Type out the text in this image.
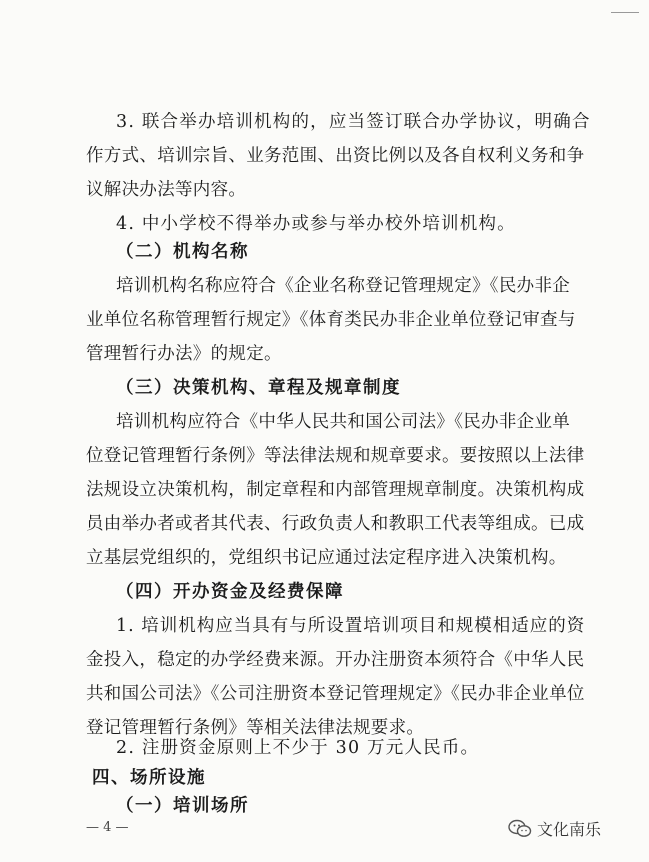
3. 联合举办培训机构的，应当签订联合办学协议，明确合

作方式、培训宗旨、业务范围、出资比例以及各自权利义务和争

议解决办法等内容。

4. 中小学校不得举办或参与举办校外培训机构。

（二）机构名称

培训机构名称应符合《企业名称登记管理规定》《民办非企

业单位名称管理暂行规定》《体育类民办非企业单位登记审查与

管理暂行办法》的规定。

（三）决策机构、章程及规章制度

培训机构应符合《中华人民共和国公司法》《民办非企业单

位登记管理暂行条例》等法律法规和规章要求。要按照以上法律

法规设立决策机构，制定章程和内部管理规章制度。决策机构成

员由举办者或者其代表、行政负责人和教职工代表等组成。已成

立基层党组织的，党组织书记应通过法定程序进入决策机构。

（四）开办资金及经费保障

1. 培训机构应当具有与所设置培训项目和规模相适应的资

金投入，稳定的办学经费来源。开办注册资本须符合《中华人民

共和国公司法》《公司注册资本登记管理规定》《民办非企业单位

登记管理暂行条例》等相关法律法规要求。

2. 注册资金原则上不少于 30 万元人民币。

四、场所设施

（一）培训场所

— 4 —	文化南乐
